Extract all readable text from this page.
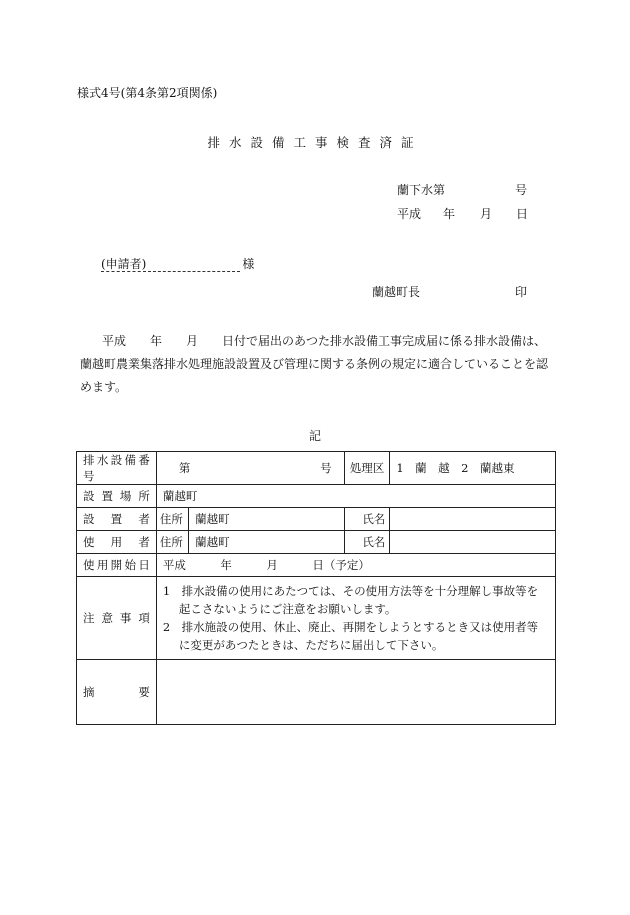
様式4号(第4条第2項関係)
排水設備工事検査済証
蘭下水第	号
平成 年 月 日
(申請者)	様
蘭越町長	印
平成　　年　　月　　日付で届出のあつた排水設備工事完成届に係る排水設備は、蘭越町農業集落排水処理施設設置及び管理に関する条例の規定に適合していることを認めます。
記
排水設備番号	第 号		処理区	1　蘭　越　2　蘭越東
設置場所	蘭越町			
設置者	住所	蘭越町	氏名	
使用者	住所	蘭越町	氏名	
使用開始日	平成　　　年　　　月　　　日（予定）			
注意事項	1　排水設備の使用にあたつては、その使用方法等を十分理解し事故等を起こさないようにご注意をお願いします。
2　排水施設の使用、休止、廃止、再開をしようとするとき又は使用者等に変更があつたときは、ただちに届出して下さい。			

摘要				
